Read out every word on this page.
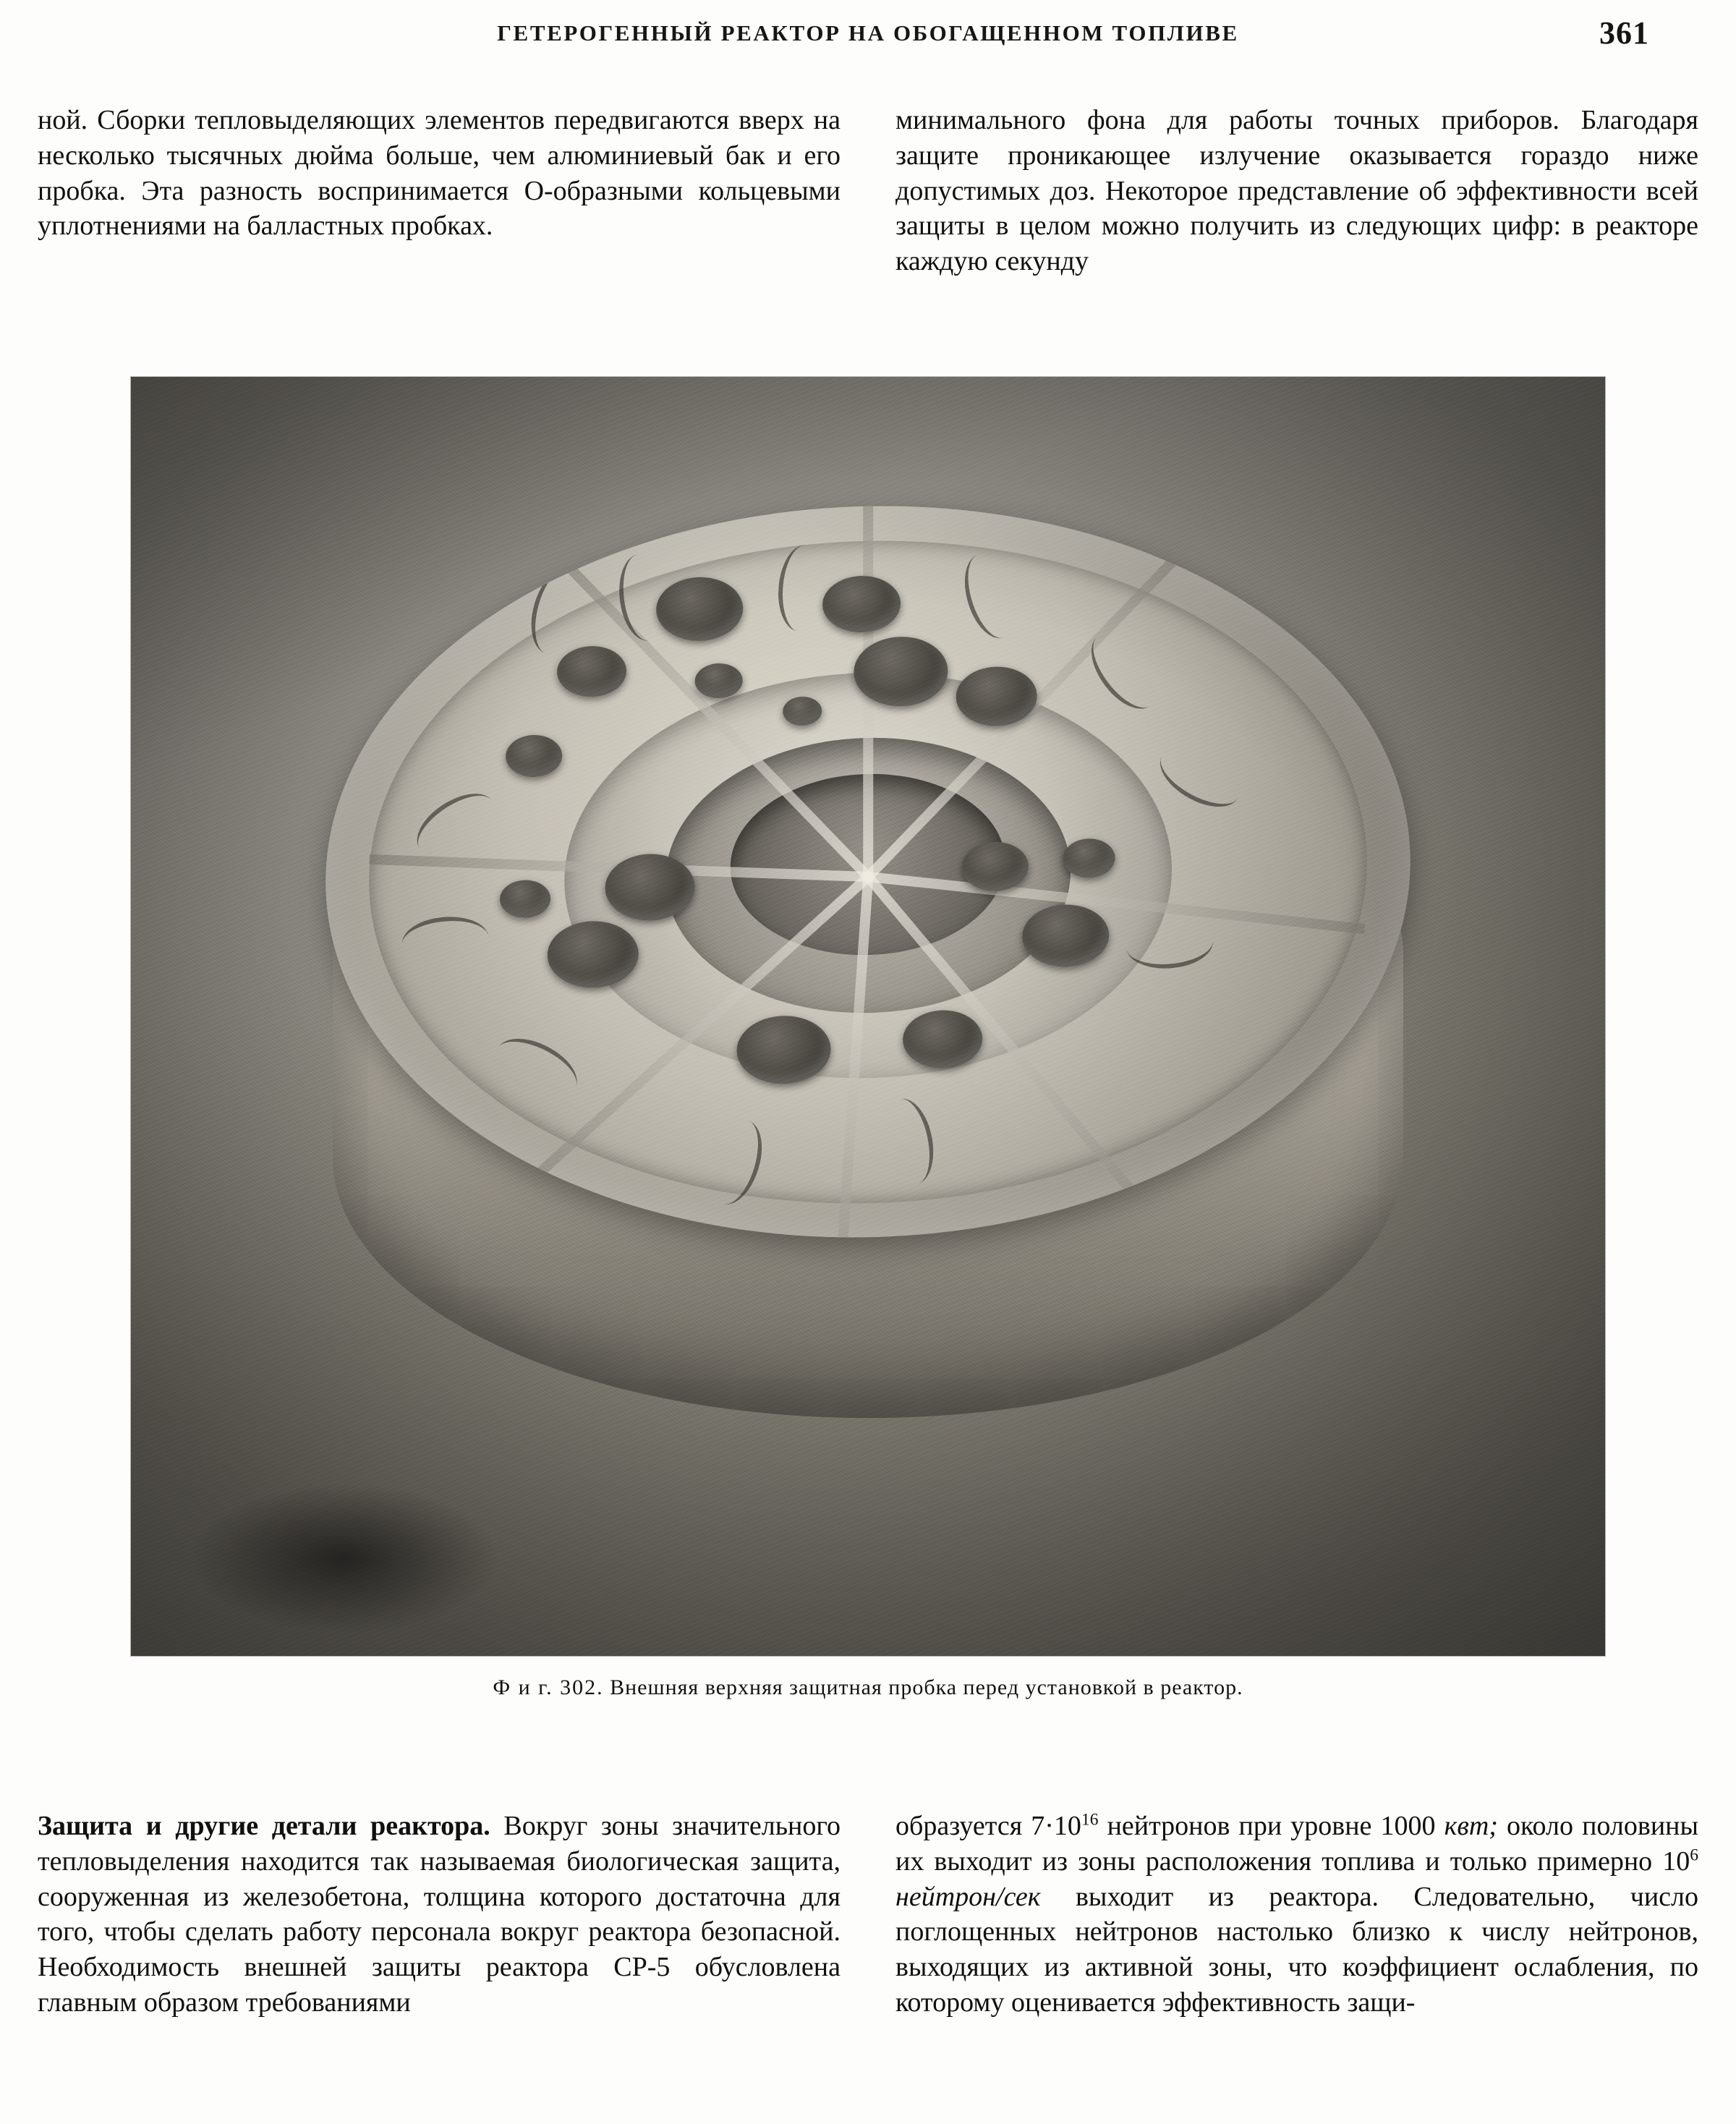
ГЕТЕРОГЕННЫЙ РЕАКТОР НА ОБОГАЩЕННОМ ТОПЛИВЕ	361

ной. Сборки тепловыделяющих элементов передвигаются вверх на несколько тысячных дюйма больше, чем алюминиевый бак и его пробка. Эта разность воспринимается О-образными кольцевыми уплотнениями на балластных пробках.

минимального фона для работы точных приборов. Благодаря защите проникающее излучение оказывается гораздо ниже допустимых доз. Некоторое представление об эффективности всей защиты в целом можно получить из следующих цифр: в реакторе каждую секунду

Ф и г. 302. Внешняя верхняя защитная пробка перед установкой в реактор.

Защита и другие детали реактора. Вокруг зоны значительного тепловыделения находится так называемая биологическая защита, сооруженная из железобетона, толщина которого достаточна для того, чтобы сделать работу персонала вокруг реактора безопасной. Необходимость внешней защиты реактора СР-5 обусловлена главным образом требованиями

образуется $7\cdot 10^{16}$ нейтронов при уровне 1000 квт; около половины их выходит из зоны расположения топлива и только примерно $10^6$ нейтрон/сек выходит из реактора. Следовательно, число поглощенных нейтронов настолько близко к числу нейтронов, выходящих из активной зоны, что коэффициент ослабления, по которому оценивается эффективность защи-
